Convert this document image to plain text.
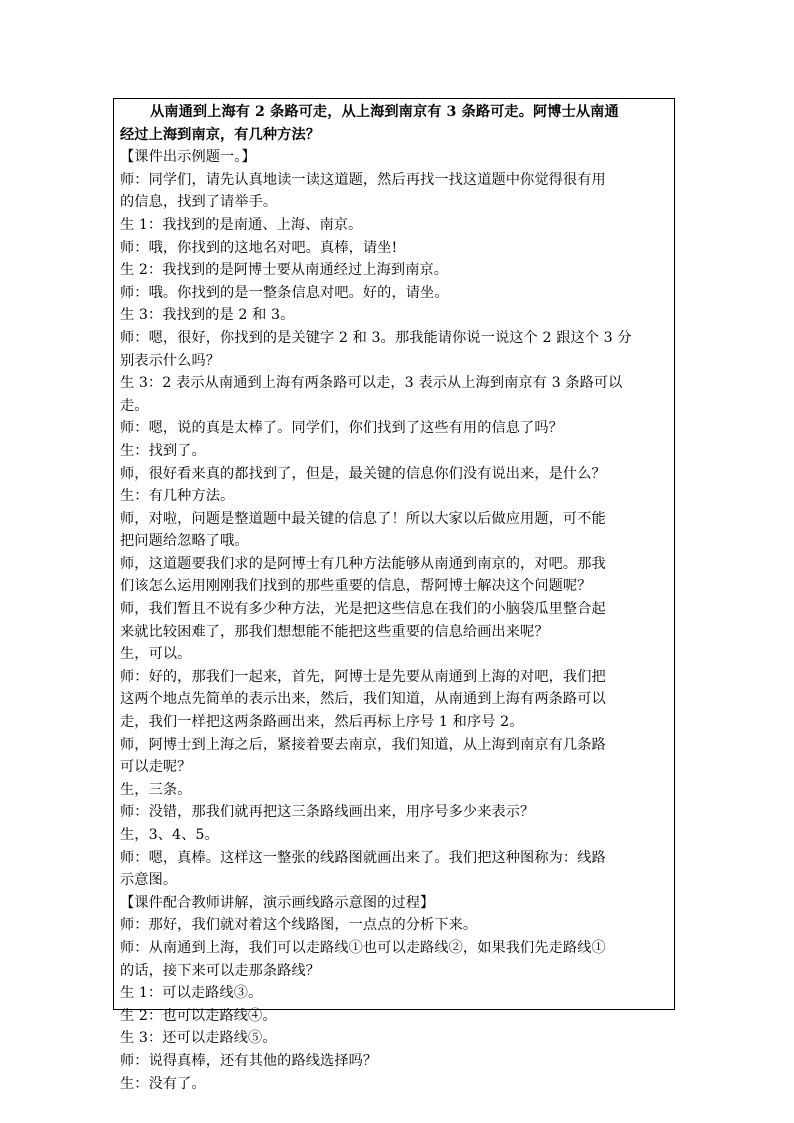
从南通到上海有 2 条路可走，从上海到南京有 3 条路可走。阿博士从南通
经过上海到南京，有几种方法？
【课件出示例题一。】
师：同学们，请先认真地读一读这道题，然后再找一找这道题中你觉得很有用
的信息，找到了请举手。
生 1：我找到的是南通、上海、南京。
师：哦，你找到的这地名对吧。真棒，请坐!
生 2：我找到的是阿博士要从南通经过上海到南京。
师：哦。你找到的是一整条信息对吧。好的，请坐。
生 3：我找到的是 2 和 3。
师：嗯，很好，你找到的是关键字 2 和 3。那我能请你说一说这个 2 跟这个 3 分
别表示什么吗？
生 3：2 表示从南通到上海有两条路可以走，3 表示从上海到南京有 3 条路可以
走。
师：嗯，说的真是太棒了。同学们，你们找到了这些有用的信息了吗？
生：找到了。
师，很好看来真的都找到了，但是，最关键的信息你们没有说出来，是什么？
生：有几种方法。
师，对啦，问题是整道题中最关键的信息了！所以大家以后做应用题，可不能
把问题给忽略了哦。
师，这道题要我们求的是阿博士有几种方法能够从南通到南京的，对吧。那我
们该怎么运用刚刚我们找到的那些重要的信息，帮阿博士解决这个问题呢？
师，我们暂且不说有多少种方法，光是把这些信息在我们的小脑袋瓜里整合起
来就比较困难了，那我们想想能不能把这些重要的信息给画出来呢？
生，可以。
师：好的，那我们一起来，首先，阿博士是先要从南通到上海的对吧，我们把
这两个地点先简单的表示出来，然后，我们知道，从南通到上海有两条路可以
走，我们一样把这两条路画出来，然后再标上序号 1 和序号 2。
师，阿博士到上海之后，紧接着要去南京，我们知道，从上海到南京有几条路
可以走呢？
生，三条。
师：没错，那我们就再把这三条路线画出来，用序号多少来表示？
生，3、4、5。
师：嗯，真棒。这样这一整张的线路图就画出来了。我们把这种图称为：线路
示意图。
【课件配合教师讲解，演示画线路示意图的过程】
师：那好，我们就对着这个线路图，一点点的分析下来。
师：从南通到上海，我们可以走路线①也可以走路线②，如果我们先走路线①
的话，接下来可以走那条路线？
生 1：可以走路线③。
生 2：也可以走路线④。
生 3：还可以走路线⑤。
师：说得真棒，还有其他的路线选择吗？
生：没有了。
